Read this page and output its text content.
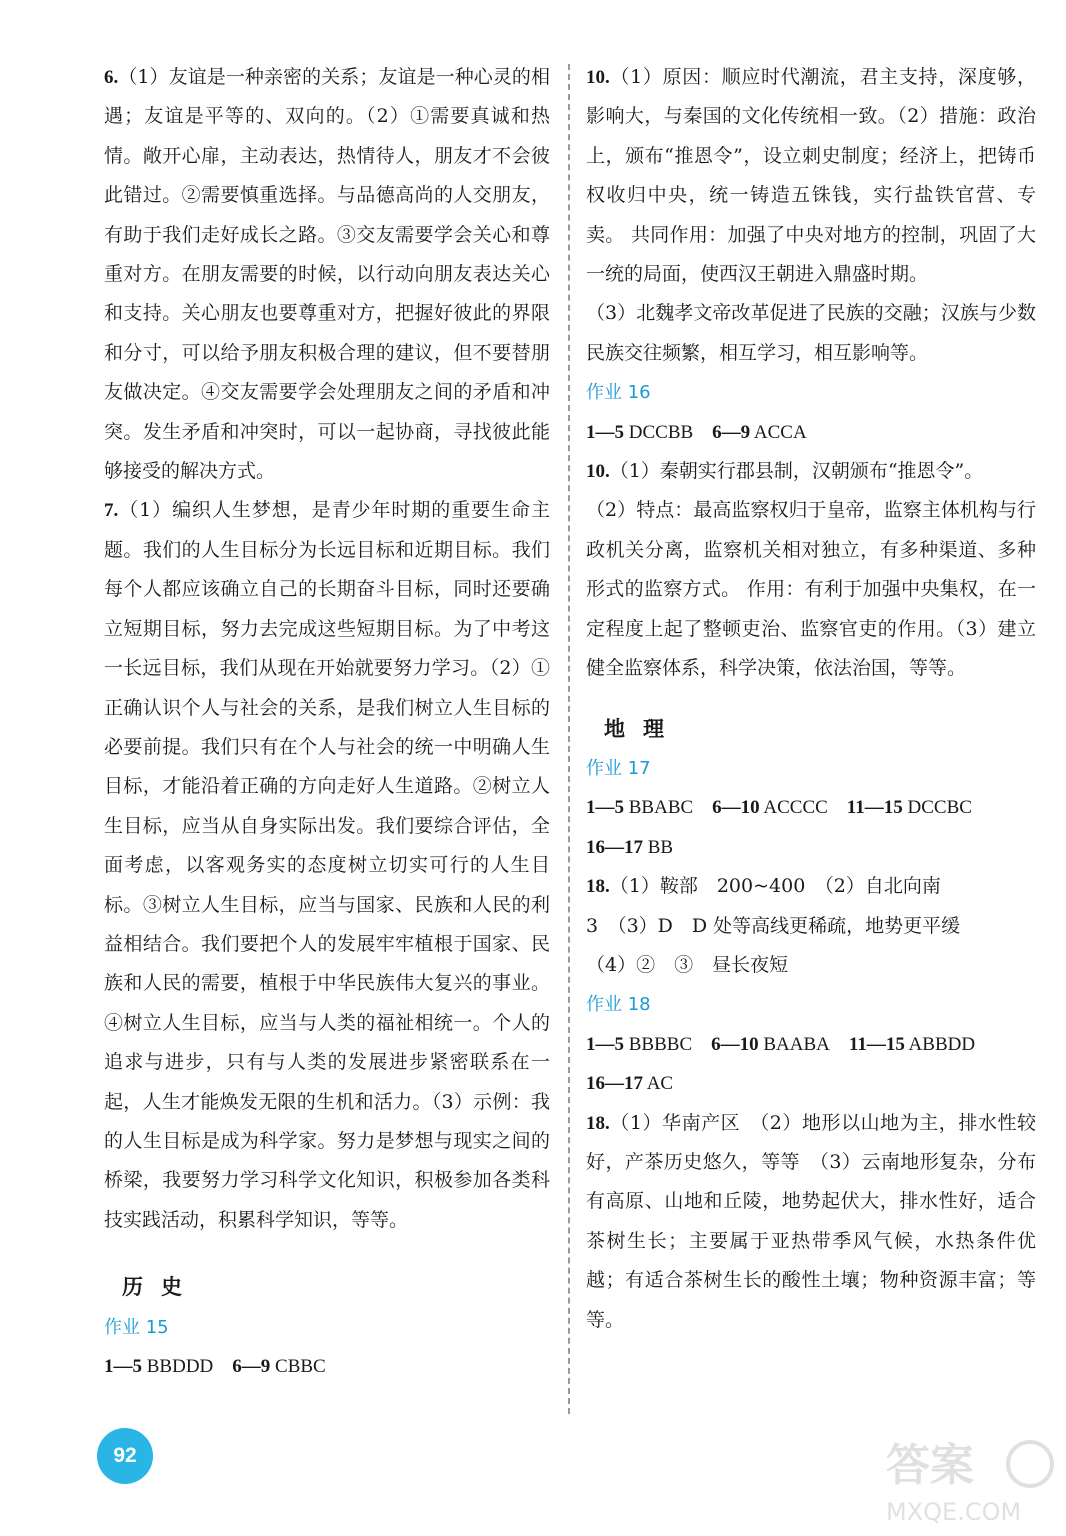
6.（1）友谊是一种亲密的关系；友谊是一种心灵的相遇；友谊是平等的、双向的。（2）①需要真诚和热情。敞开心扉，主动表达，热情待人，朋友才不会彼此错过。②需要慎重选择。与品德高尚的人交朋友，有助于我们走好成长之路。③交友需要学会关心和尊重对方。在朋友需要的时候，以行动向朋友表达关心和支持。关心朋友也要尊重对方，把握好彼此的界限和分寸，可以给予朋友积极合理的建议，但不要替朋友做决定。④交友需要学会处理朋友之间的矛盾和冲突。发生矛盾和冲突时，可以一起协商，寻找彼此能够接受的解决方式。

7.（1）编织人生梦想，是青少年时期的重要生命主题。我们的人生目标分为长远目标和近期目标。我们每个人都应该确立自己的长期奋斗目标，同时还要确立短期目标，努力去完成这些短期目标。为了中考这一长远目标，我们从现在开始就要努力学习。（2）①正确认识个人与社会的关系，是我们树立人生目标的必要前提。我们只有在个人与社会的统一中明确人生目标，才能沿着正确的方向走好人生道路。②树立人生目标，应当从自身实际出发。我们要综合评估，全面考虑，以客观务实的态度树立切实可行的人生目标。③树立人生目标，应当与国家、民族和人民的利益相结合。我们要把个人的发展牢牢植根于国家、民族和人民的需要，植根于中华民族伟大复兴的事业。④树立人生目标，应当与人类的福祉相统一。个人的追求与进步，只有与人类的发展进步紧密联系在一起，人生才能焕发无限的生机和活力。（3）示例：我的人生目标是成为科学家。努力是梦想与现实之间的桥梁，我要努力学习科学文化知识，积极参加各类科技实践活动，积累科学知识，等等。

历史

作业 15

1—5 BBDDD 6—9 CBBC

10.（1）原因：顺应时代潮流，君主支持，深度够，影响大，与秦国的文化传统相一致。（2）措施：政治上，颁布“推恩令”，设立刺史制度；经济上，把铸币权收归中央，统一铸造五铢钱，实行盐铁官营、专卖。 共同作用：加强了中央对地方的控制，巩固了大一统的局面，使西汉王朝进入鼎盛时期。

（3）北魏孝文帝改革促进了民族的交融；汉族与少数民族交往频繁，相互学习，相互影响等。

作业 16

1—5 DCCBB 6—9 ACCA

10.（1）秦朝实行郡县制，汉朝颁布“推恩令”。

（2）特点：最高监察权归于皇帝，监察主体机构与行政机关分离，监察机关相对独立，有多种渠道、多种形式的监察方式。 作用：有利于加强中央集权，在一定程度上起了整顿吏治、监察官吏的作用。（3）建立健全监察体系，科学决策，依法治国，等等。

地理

作业 17

1—5 BBABC 6—10 ACCCC 11—15 DCCBC

16—17 BB

18.（1）鞍部　200~400　（2）自北向南

3　（3）D　D 处等高线更稀疏，地势更平缓

（4）②　③　昼长夜短

作业 18

1—5 BBBBC 6—10 BAABA 11—15 ABBDD

16—17 AC

18.（1）华南产区　（2）地形以山地为主，排水性较好，产茶历史悠久，等等　（3）云南地形复杂，分布有高原、山地和丘陵，地势起伏大，排水性好，适合茶树生长；主要属于亚热带季风气候，水热条件优越；有适合茶树生长的酸性土壤；物种资源丰富；等等。

92	答案
MXQE.COM
